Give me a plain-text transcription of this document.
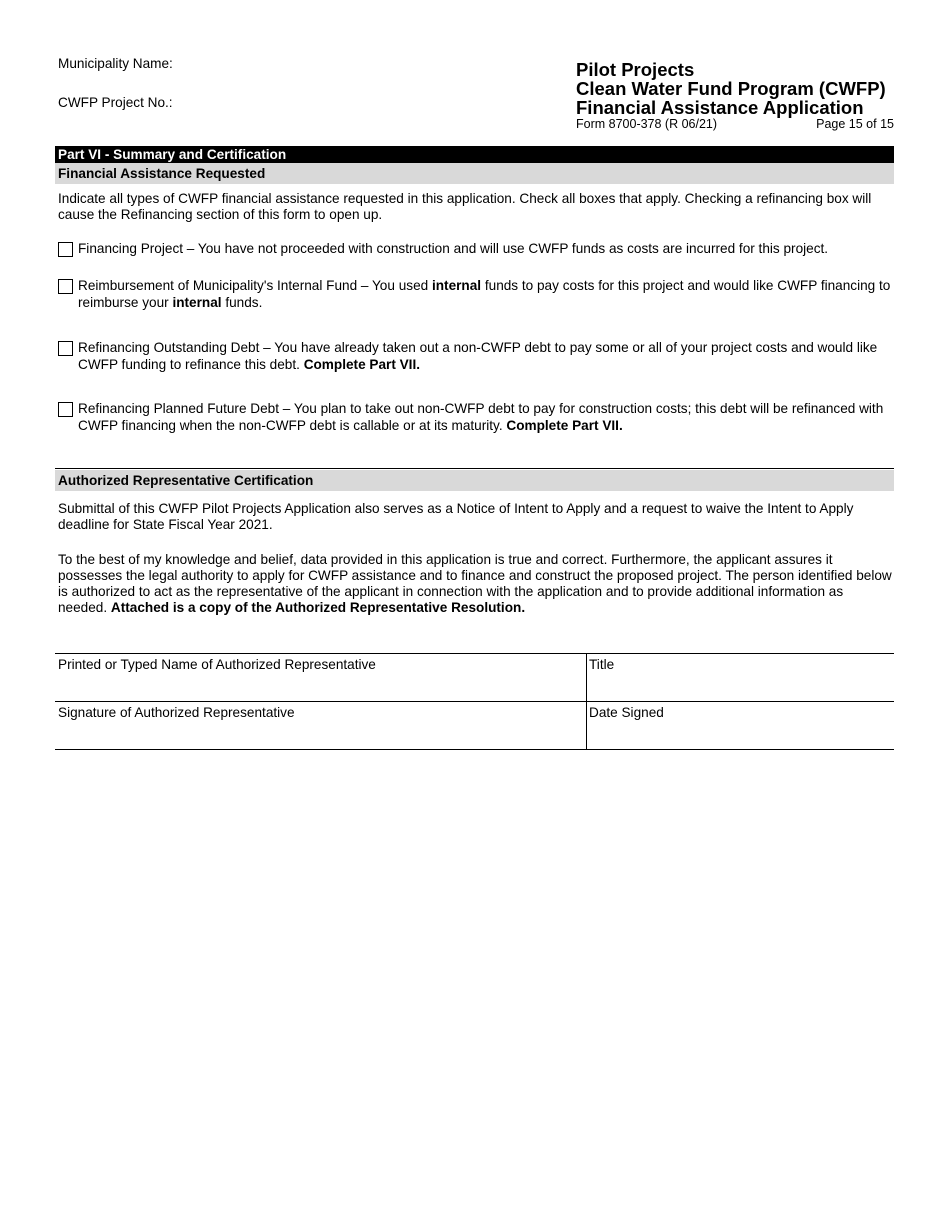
Municipality Name:
CWFP Project No.:
Pilot Projects
Clean Water Fund Program (CWFP)
Financial Assistance Application
Form 8700-378 (R 06/21)	Page 15 of 15
Part VI - Summary and Certification
Financial Assistance Requested
Indicate all types of CWFP financial assistance requested in this application. Check all boxes that apply. Checking a refinancing box will cause the Refinancing section of this form to open up.
Financing Project – You have not proceeded with construction and will use CWFP funds as costs are incurred for this project.
Reimbursement of Municipality's Internal Fund – You used internal funds to pay costs for this project and would like CWFP financing to reimburse your internal funds.
Refinancing Outstanding Debt – You have already taken out a non-CWFP debt to pay some or all of your project costs and would like CWFP funding to refinance this debt. Complete Part VII.
Refinancing Planned Future Debt – You plan to take out non-CWFP debt to pay for construction costs; this debt will be refinanced with CWFP financing when the non-CWFP debt is callable or at its maturity. Complete Part VII.
Authorized Representative Certification
Submittal of this CWFP Pilot Projects Application also serves as a Notice of Intent to Apply and a request to waive the Intent to Apply deadline for State Fiscal Year 2021.
To the best of my knowledge and belief, data provided in this application is true and correct. Furthermore, the applicant assures it possesses the legal authority to apply for CWFP assistance and to finance and construct the proposed project. The person identified below is authorized to act as the representative of the applicant in connection with the application and to provide additional information as needed. Attached is a copy of the Authorized Representative Resolution.
Printed or Typed Name of Authorized Representative	Title
Signature of Authorized Representative	Date Signed
